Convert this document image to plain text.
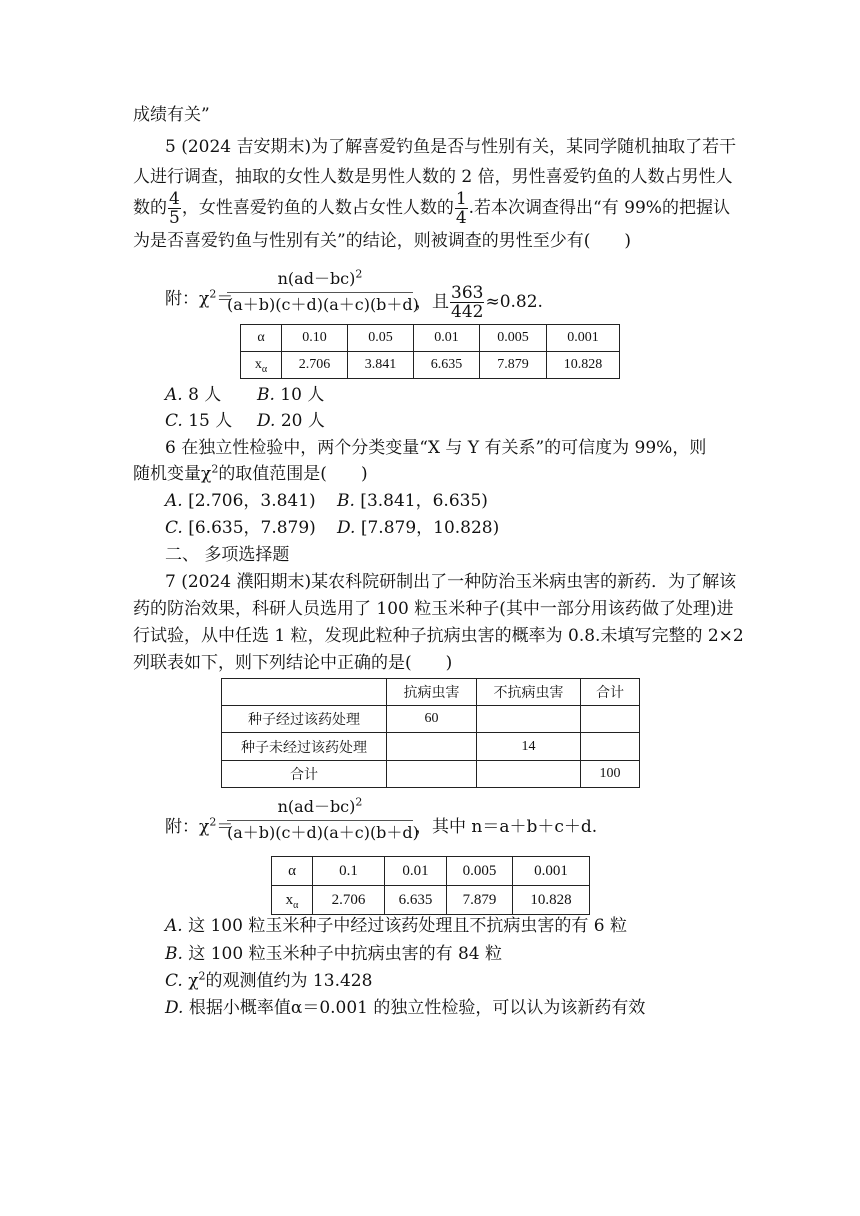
成绩有关”
5 (2024 吉安期末)为了解喜爱钓鱼是否与性别有关，某同学随机抽取了若干
人进行调查，抽取的女性人数是男性人数的 2 倍，男性喜爱钓鱼的人数占男性人
数的 $\frac{4}{5}$ ，女性喜爱钓鱼的人数占女性人数的 $\frac{1}{4}$ .若本次调查得出“有 99%的把握认
为是否喜爱钓鱼与性别有关”的结论，则被调查的男性至少有(　　)
附：$\chi^2=$
$\frac{n(ad-bc)^2}{(a+b)(c+d)(a+c)(b+d)}$
，且 $\frac{363}{442} \approx 0.82$.
α	0.10	0.05	0.01	0.005	0.001
$x_\alpha$	2.706	3.841	6.635	7.879	10.828
A. 8 人 B. 10 人
C. 15 人 D. 20 人
6 在独立性检验中，两个分类变量“X 与 Y 有关系”的可信度为 99%，则
随机变量$\chi^2$的取值范围是(　　)
A. [2.706，3.841) B. [3.841，6.635)
C. [6.635，7.879) D. [7.879，10.828)
二、 多项选择题
7 (2024 濮阳期末)某农科院研制出了一种防治玉米病虫害的新药．为了解该
药的防治效果，科研人员选用了 100 粒玉米种子(其中一部分用该药做了处理)进
行试验，从中任选 1 粒，发现此粒种子抗病虫害的概率为 0.8.未填写完整的 2×2
列联表如下，则下列结论中正确的是(　　)
	抗病虫害	不抗病虫害	合计
种子经过该药处理	60		
种子未经过该药处理		14	
合计			100
附：$\chi^2=$
$\frac{n(ad-bc)^2}{(a+b)(c+d)(a+c)(b+d)}$
，其中 n＝a＋b＋c＋d.
α	0.1	0.01	0.005	0.001
$x_\alpha$	2.706	6.635	7.879	10.828
A. 这 100 粒玉米种子中经过该药处理且不抗病虫害的有 6 粒
B. 这 100 粒玉米种子中抗病虫害的有 84 粒
C. $\chi^2$的观测值约为 13.428
D. 根据小概率值α＝0.001 的独立性检验，可以认为该新药有效
